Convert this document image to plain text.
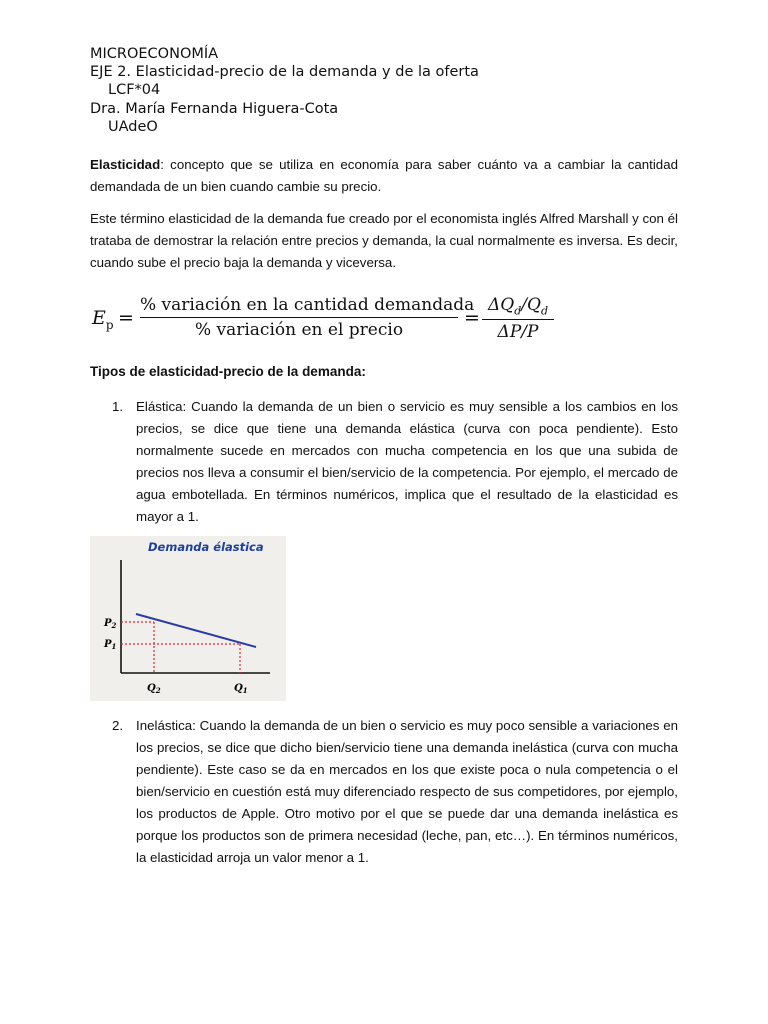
MICROECONOMÍA
EJE 2. Elasticidad-precio de la demanda y de la oferta
LCF*04
Dra. María Fernanda Higuera-Cota
UAdeO
Elasticidad: concepto que se utiliza en economía para saber cuánto va a cambiar la cantidad demandada de un bien cuando cambie su precio.
Este término elasticidad de la demanda fue creado por el economista inglés Alfred Marshall y con él trataba de demostrar la relación entre precios y demanda, la cual normalmente es inversa. Es decir, cuando sube el precio baja la demanda y viceversa.
$E_p$ =
% variación en la cantidad demandada
% variación en el precio
=
$\Delta Q_d/Q_d$
ΔP/P
Tipos de elasticidad-precio de la demanda:
1. Elástica: Cuando la demanda de un bien o servicio es muy sensible a los cambios en los precios, se dice que tiene una demanda elástica (curva con poca pendiente). Esto normalmente sucede en mercados con mucha competencia en los que una subida de precios nos lleva a consumir el bien/servicio de la competencia. Por ejemplo, el mercado de agua embotellada. En términos numéricos, implica que el resultado de la elasticidad es mayor a 1.
Demanda élastica
$P_2$
$P_1$
$Q_2$	$Q_1$
2. Inelástica: Cuando la demanda de un bien o servicio es muy poco sensible a variaciones en los precios, se dice que dicho bien/servicio tiene una demanda inelástica (curva con mucha pendiente). Este caso se da en mercados en los que existe poca o nula competencia o el bien/servicio en cuestión está muy diferenciado respecto de sus competidores, por ejemplo, los productos de Apple. Otro motivo por el que se puede dar una demanda inelástica es porque los productos son de primera necesidad (leche, pan, etc…). En términos numéricos, la elasticidad arroja un valor menor a 1.
